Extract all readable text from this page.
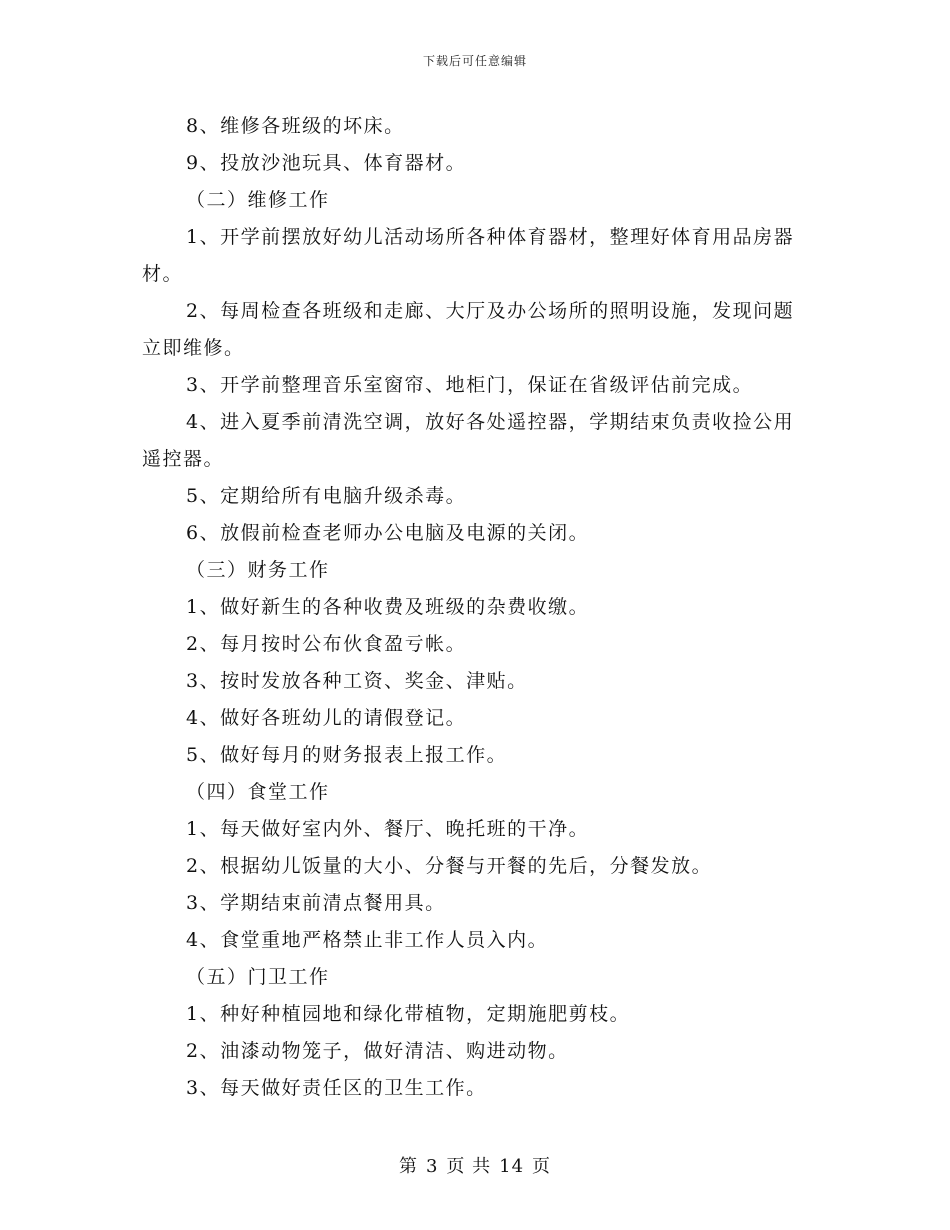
下载后可任意编辑

8、维修各班级的坏床。

9、投放沙池玩具、体育器材。

（二）维修工作

1、开学前摆放好幼儿活动场所各种体育器材，整理好体育用品房器材。

2、每周检查各班级和走廊、大厅及办公场所的照明设施，发现问题立即维修。

3、开学前整理音乐室窗帘、地柜门，保证在省级评估前完成。

4、进入夏季前清洗空调，放好各处遥控器，学期结束负责收捡公用遥控器。

5、定期给所有电脑升级杀毒。

6、放假前检查老师办公电脑及电源的关闭。

（三）财务工作

1、做好新生的各种收费及班级的杂费收缴。

2、每月按时公布伙食盈亏帐。

3、按时发放各种工资、奖金、津贴。

4、做好各班幼儿的请假登记。

5、做好每月的财务报表上报工作。

（四）食堂工作

1、每天做好室内外、餐厅、晚托班的干净。

2、根据幼儿饭量的大小、分餐与开餐的先后，分餐发放。

3、学期结束前清点餐用具。

4、食堂重地严格禁止非工作人员入内。

（五）门卫工作

1、种好种植园地和绿化带植物，定期施肥剪枝。

2、油漆动物笼子，做好清洁、购进动物。

3、每天做好责任区的卫生工作。

第 3 页 共 14 页
